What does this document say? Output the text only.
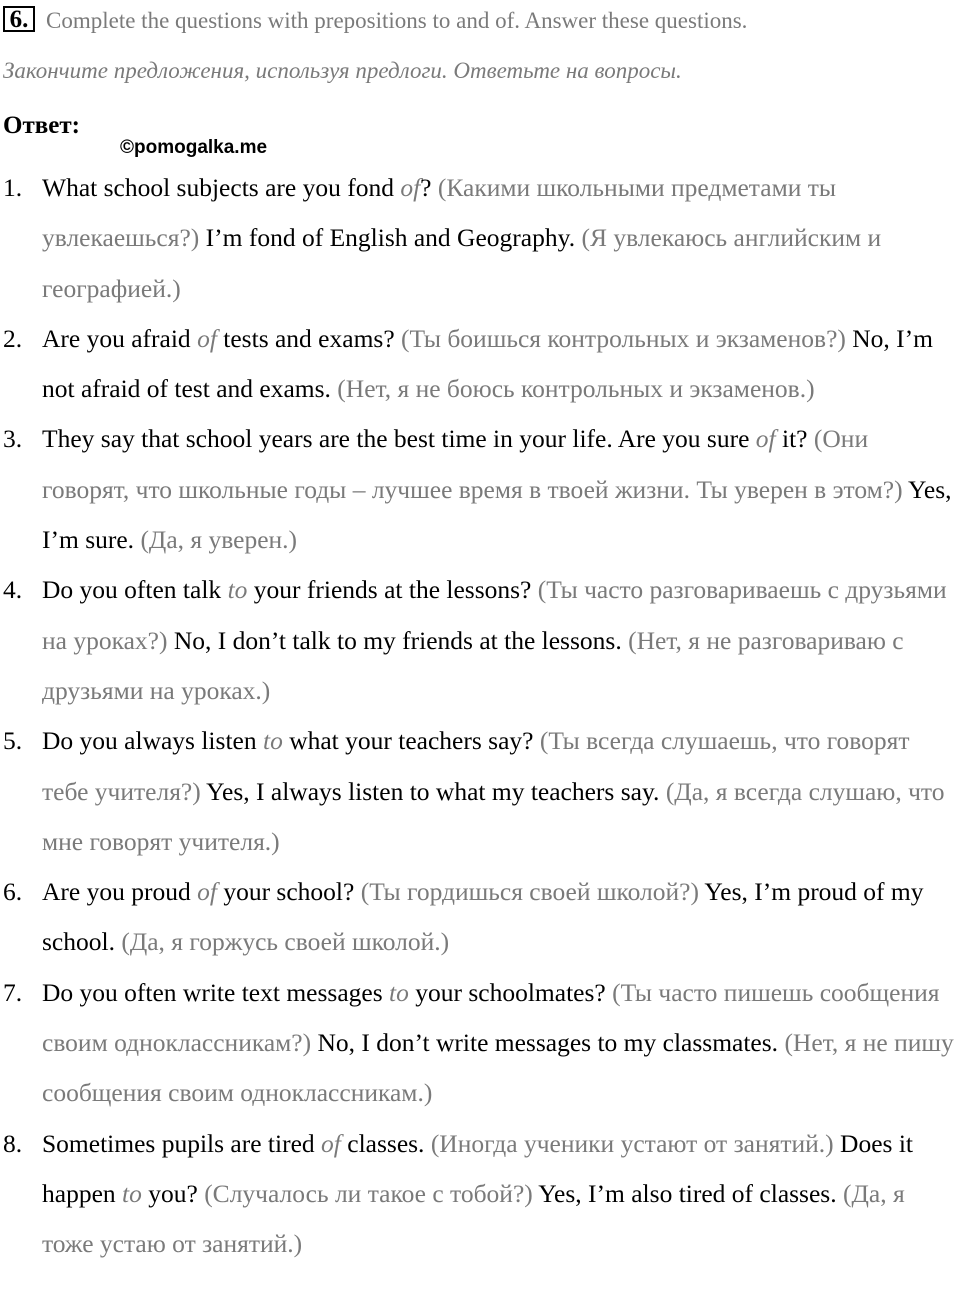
6. Complete the questions with prepositions to and of. Answer these questions.
Закончите предложения, используя предлоги. Ответьте на вопросы.
Ответ:
©pomogalka.me
1. What school subjects are you fond of? (Какими школьными предметами ты увлекаешься?) I’m fond of English and Geography. (Я увлекаюсь английским и географией.)
2. Are you afraid of tests and exams? (Ты боишься контрольных и экзаменов?) No, I’m not afraid of test and exams. (Нет, я не боюсь контрольных и экзаменов.)
3. They say that school years are the best time in your life. Are you sure of it? (Они говорят, что школьные годы – лучшее время в твоей жизни. Ты уверен в этом?) Yes, I’m sure. (Да, я уверен.)
4. Do you often talk to your friends at the lessons? (Ты часто разговариваешь с друзьями на уроках?) No, I don’t talk to my friends at the lessons. (Нет, я не разговариваю с друзьями на уроках.)
5. Do you always listen to what your teachers say? (Ты всегда слушаешь, что говорят тебе учителя?) Yes, I always listen to what my teachers say. (Да, я всегда слушаю, что мне говорят учителя.)
6. Are you proud of your school? (Ты гордишься своей школой?) Yes, I’m proud of my school. (Да, я горжусь своей школой.)
7. Do you often write text messages to your schoolmates? (Ты часто пишешь сообщения своим одноклассникам?) No, I don’t write messages to my classmates. (Нет, я не пишу сообщения своим одноклассникам.)
8. Sometimes pupils are tired of classes. (Иногда ученики устают от занятий.) Does it happen to you? (Случалось ли такое с тобой?) Yes, I’m also tired of classes. (Да, я тоже устаю от занятий.)
